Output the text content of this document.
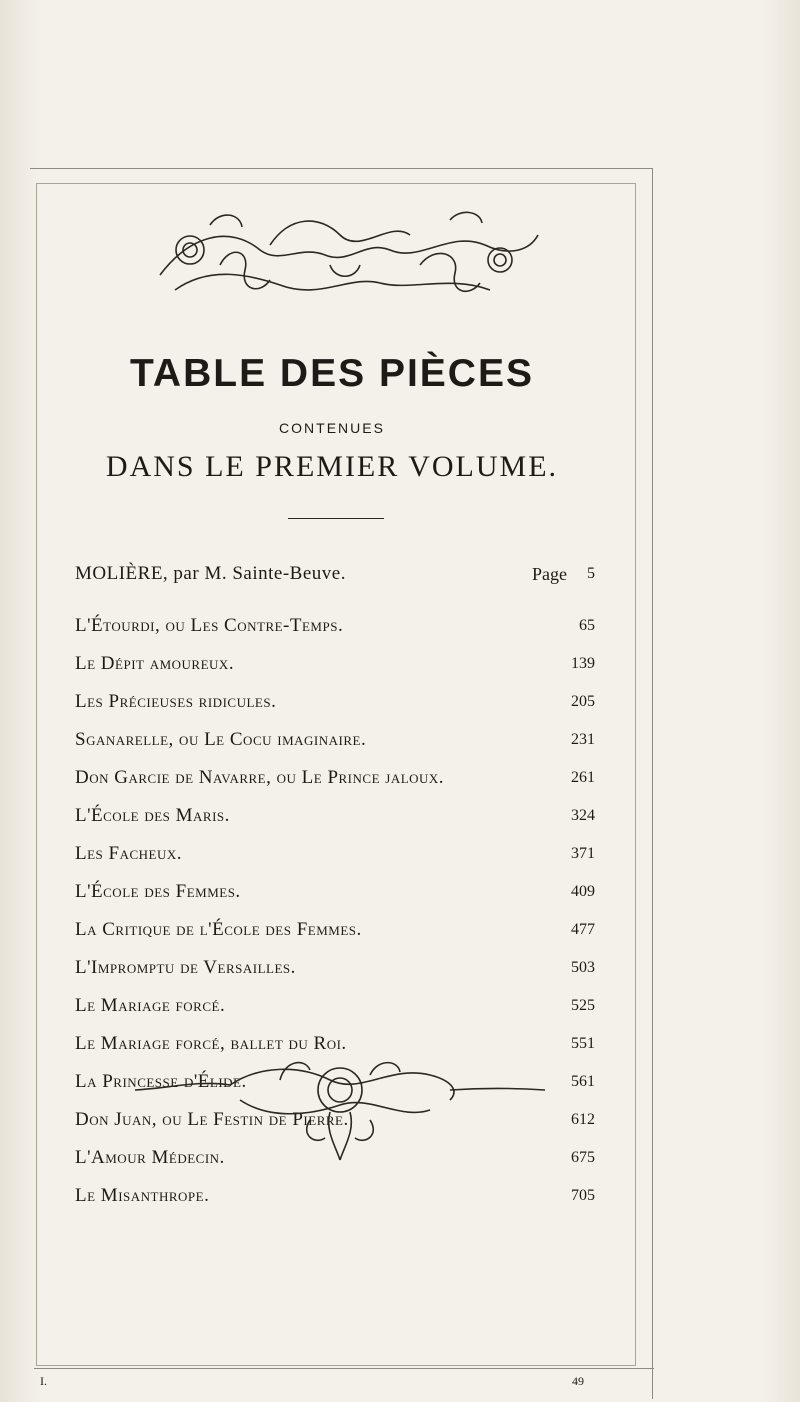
TABLE DES PIÈCES
CONTENUES
DANS LE PREMIER VOLUME.
MOLIÈRE, par M. Sainte-Beuve.	Page 5
L'Étourdi, ou Les Contre-Temps.	65
Le Dépit amoureux.	139
Les Précieuses ridicules.	205
Sganarelle, ou Le Cocu imaginaire.	231
Don Garcie de Navarre, ou Le Prince jaloux.	261
L'École des Maris.	324
Les Facheux.	371
L'École des Femmes.	409
La Critique de l'École des Femmes.	477
L'Impromptu de Versailles.	503
Le Mariage forcé.	525
Le Mariage forcé, ballet du Roi.	551
La Princesse d'Élide.	561
Don Juan, ou Le Festin de Pierre.	612
L'Amour Médecin.	675
Le Misanthrope.	705
I.	49
